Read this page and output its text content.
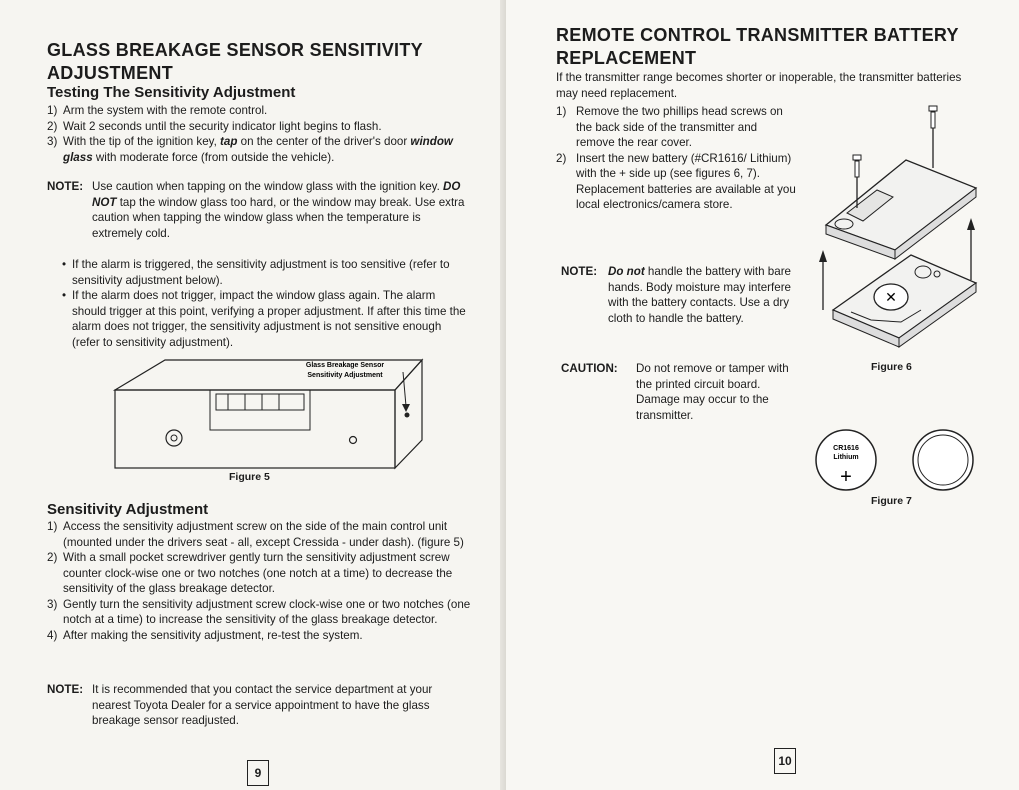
GLASS BREAKAGE SENSOR SENSITIVITY ADJUSTMENT
Testing The Sensitivity Adjustment
1) Arm the system with the remote control.
2) Wait 2 seconds until the security indicator light begins to flash.
3) With the tip of the ignition key, tap on the center of the driver's door window glass with moderate force (from outside the vehicle).
NOTE: Use caution when tapping on the window glass with the ignition key. DO NOT tap the window glass too hard, or the window may break. Use extra caution when tapping the window glass when the temperature is extremely cold.
• If the alarm is triggered, the sensitivity adjustment is too sensitive (refer to sensitivity adjustment below).
• If the alarm does not trigger, impact the window glass again. The alarm should trigger at this point, verifying a proper adjustment. If after this time the alarm does not trigger, the sensitivity adjustment is not sensitive enough (refer to sensitivity adjustment).
Glass Breakage Sensor
Sensitivity Adjustment
Figure 5
Sensitivity Adjustment
1) Access the sensitivity adjustment screw on the side of the main control unit (mounted under the drivers seat - all, except Cressida - under dash). (figure 5)
2) With a small pocket screwdriver gently turn the sensitivity adjustment screw counter clock-wise one or two notches (one notch at a time) to decrease the sensitivity of the glass breakage detector.
3) Gently turn the sensitivity adjustment screw clock-wise one or two notches (one notch at a time) to increase the sensitivity of the glass breakage detector.
4) After making the sensitivity adjustment, re-test the system.
NOTE: It is recommended that you contact the service department at your nearest Toyota Dealer for a service appointment to have the glass breakage sensor readjusted.
9
REMOTE CONTROL TRANSMITTER BATTERY REPLACEMENT
If the transmitter range becomes shorter or inoperable, the transmitter batteries may need replacement.
1) Remove the two phillips head screws on the back side of the transmitter and remove the rear cover.
2) Insert the new battery (#CR1616/ Lithium) with the + side up (see figures 6, 7). Replacement batteries are available at you local electronics/camera store.
NOTE: Do not handle the battery with bare hands. Body moisture may interfere with the battery contacts. Use a dry cloth to handle the battery.
CAUTION:	Do not remove or tamper with the printed circuit board. Damage may occur to the transmitter.
✕
Figure 6
CR1616
Lithium
+
Figure 7
10
